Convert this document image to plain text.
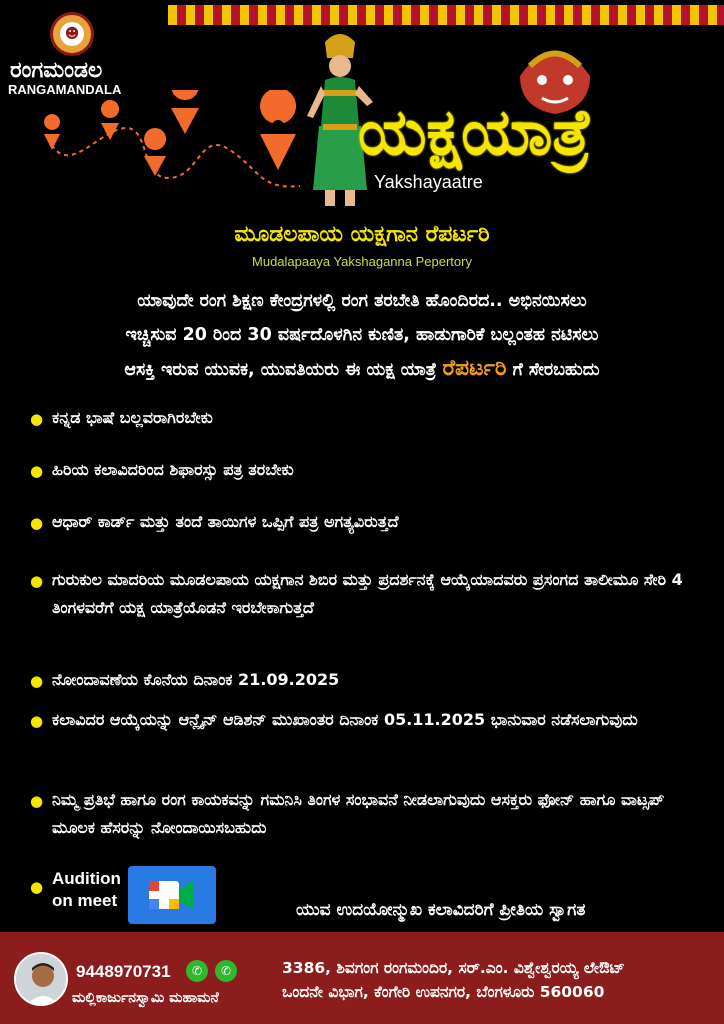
☻
ರಂಗಮಂಡಲ
RANGAMANDALA
ಯಕ್ಷಯಾತ್ರೆ
Yakshayaatre
ಮೂಡಲಪಾಯ ಯಕ್ಷಗಾನ ರೆಪರ್ಟರಿ
Mudalapaaya Yakshaganna Pepertory
ಯಾವುದೇ ರಂಗ ಶಿಕ್ಷಣ ಕೇಂದ್ರಗಳಲ್ಲಿ ರಂಗ ತರಬೇತಿ ಹೊಂದಿರದ.. ಅಭಿನಯಿಸಲು
ಇಚ್ಚಿಸುವ 20 ರಿಂದ 30 ವರ್ಷದೊಳಗಿನ ಕುಣಿತ, ಹಾಡುಗಾರಿಕೆ ಬಲ್ಲಂತಹ ನಟಿಸಲು
ಆಸಕ್ತಿ ಇರುವ ಯುವಕ, ಯುವತಿಯರು ಈ ಯಕ್ಷ ಯಾತ್ರೆ ರೆಪರ್ಟರಿ ಗೆ ಸೇರಬಹುದು
● ಕನ್ನಡ ಭಾಷೆ ಬಲ್ಲವರಾಗಿರಬೇಕು
● ಹಿರಿಯ ಕಲಾವಿದರಿಂದ ಶಿಫಾರಸ್ಸು ಪತ್ರ ತರಬೇಕು
● ಆಧಾರ್ ಕಾರ್ಡ್ ಮತ್ತು ತಂದೆ ತಾಯಿಗಳ ಒಪ್ಪಿಗೆ ಪತ್ರ ಅಗತ್ಯವಿರುತ್ತದೆ
● ಗುರುಕುಲ ಮಾದರಿಯ ಮೂಡಲಪಾಯ ಯಕ್ಷಗಾನ ಶಿಬಿರ ಮತ್ತು ಪ್ರದರ್ಶನಕ್ಕೆ ಆಯ್ಕೆಯಾದವರು ಪ್ರಸಂಗದ ತಾಲೀಮೂ ಸೇರಿ 4 ತಿಂಗಳವರೆಗೆ ಯಕ್ಷ ಯಾತ್ರೆಯೊಡನೆ ಇರಬೇಕಾಗುತ್ತದೆ
● ನೋಂದಾವಣೆಯ ಕೊನೆಯ ದಿನಾಂಕ 21.09.2025
● ಕಲಾವಿದರ ಆಯ್ಕೆಯನ್ನು ಆನ್ಲೈನ್ ಆಡಿಶನ್ ಮುಖಾಂತರ ದಿನಾಂಕ 05.11.2025 ಭಾನುವಾರ ನಡೆಸಲಾಗುವುದು
● ನಿಮ್ಮ ಪ್ರತಿಭೆ ಹಾಗೂ ರಂಗ ಕಾಯಕವನ್ನು ಗಮನಿಸಿ ತಿಂಗಳ ಸಂಭಾವನೆ ನೀಡಲಾಗುವುದು ಆಸಕ್ತರು ಫೋನ್ ಹಾಗೂ ವಾಟ್ಸಪ್ ಮೂಲಕ ಹೆಸರನ್ನು ನೋಂದಾಯಿಸಬಹುದು
● Audition
on meet	ಯುವ ಉದಯೋನ್ಮುಖ ಕಲಾವಿದರಿಗೆ ಪ್ರೀತಿಯ ಸ್ವಾಗತ
9448970731	✆	✆
ಮಲ್ಲಿಕಾರ್ಜುನಸ್ವಾಮಿ ಮಹಾಮನೆ
3386, ಶಿವಗಂಗ ರಂಗಮಂದಿರ, ಸರ್.ಎಂ. ವಿಶ್ವೇಶ್ವರಯ್ಯ ಲೇಔಟ್
ಒಂದನೇ ವಿಭಾಗ, ಕೆಂಗೇರಿ ಉಪನಗರ, ಬೆಂಗಳೂರು 560060
